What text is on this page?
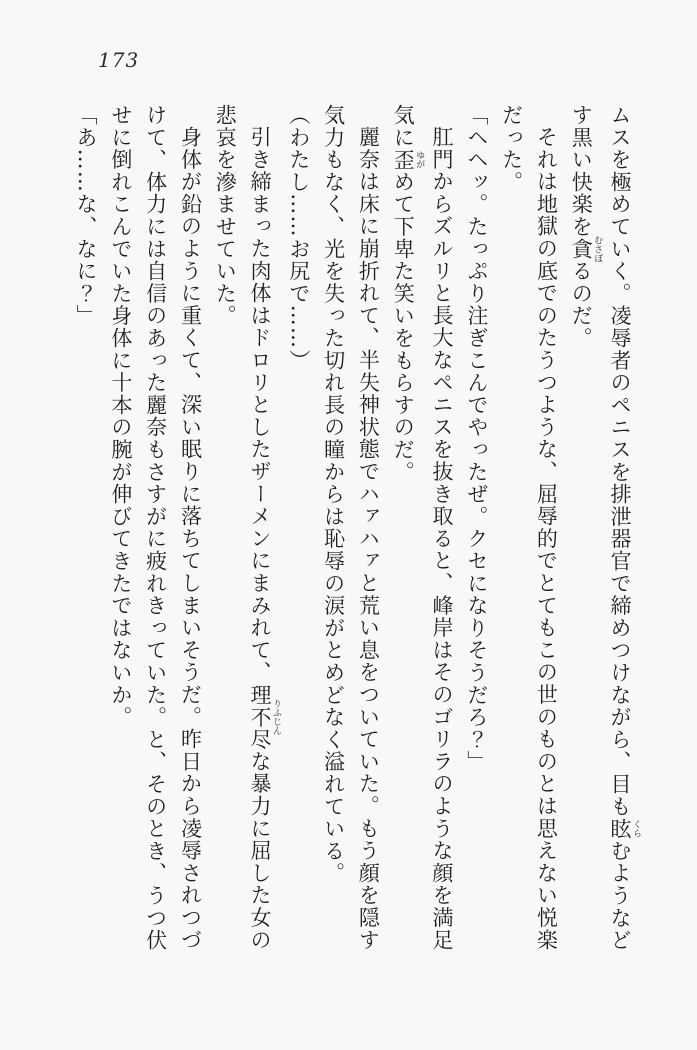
173

ムスを極めていく。凌辱者のペニスを排泄器官で締めつけながら、目も眩 くらむようなど

す黒い快楽を貪 むさぼるのだ。

それは地獄の底でのたうつような、屈辱的でとてもこの世のものとは思えない悦楽

だった。

「ヘヘッ。たっぷり注ぎこんでやったぜ。クセになりそうだろ？」

肛門からズルリと長大なペニスを抜き取ると、峰岸はそのゴリラのような顔を満足

気に歪 ゆがめて下卑た笑いをもらすのだ。

麗奈は床に崩折れて、半失神状態でハァハァと荒い息をついていた。もう顔を隠す

気力もなく、光を失った切れ長の瞳からは恥辱の涙がとめどなく溢れている。

（わたし……お尻で……）

引き締まった肉体はドロリとしたザーメンにまみれて、理不尽 りふじんな暴力に屈した女の

悲哀を滲ませていた。

身体が鉛のように重くて、深い眠りに落ちてしまいそうだ。昨日から凌辱されつづ

けて、体力には自信のあった麗奈もさすがに疲れきっていた。と、そのとき、うつ伏

せに倒れこんでいた身体に十本の腕が伸びてきたではないか。

「あ……な、なに？」
